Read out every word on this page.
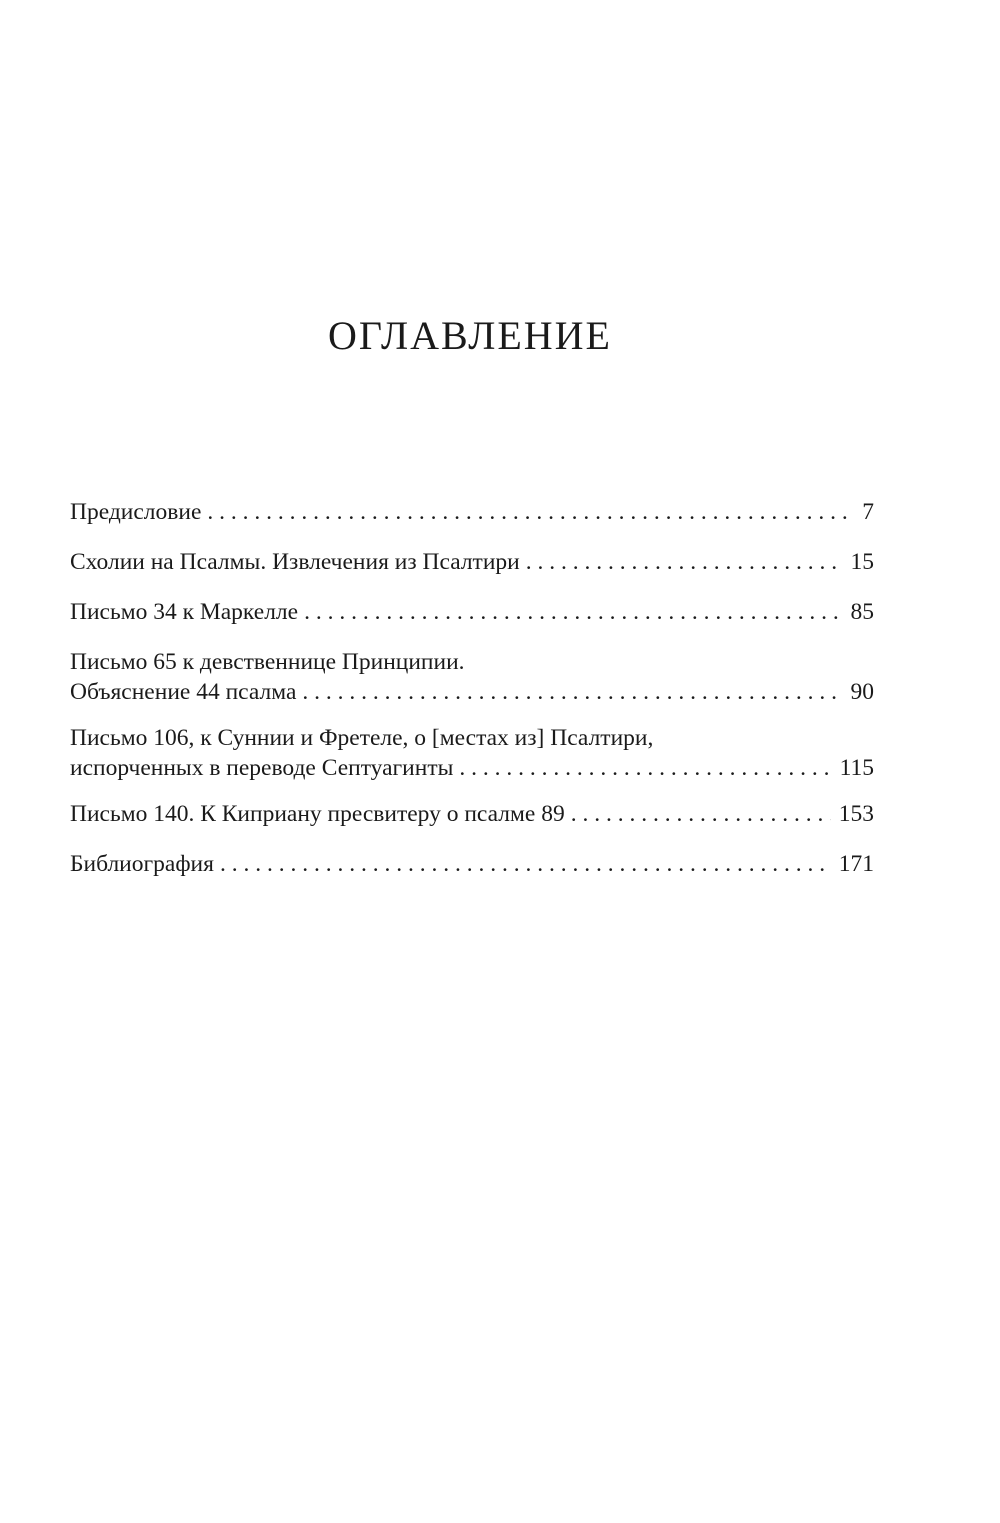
ОГЛАВЛЕНИЕ
Предисловие . . .	7
Схолии на Псалмы. Извлечения из Псалтири . . .	15
Письмо 34 к Маркелле . . .	85
Письмо 65 к девственнице Принципии.
Объяснение 44 псалма . . .	90
Письмо 106, к Суннии и Фретеле, о [местах из] Псалтири,
испорченных в переводе Септуагинты . . .	115
Письмо 140. К Киприану пресвитеру о псалме 89 . . .	153
Библиография . . .	171
